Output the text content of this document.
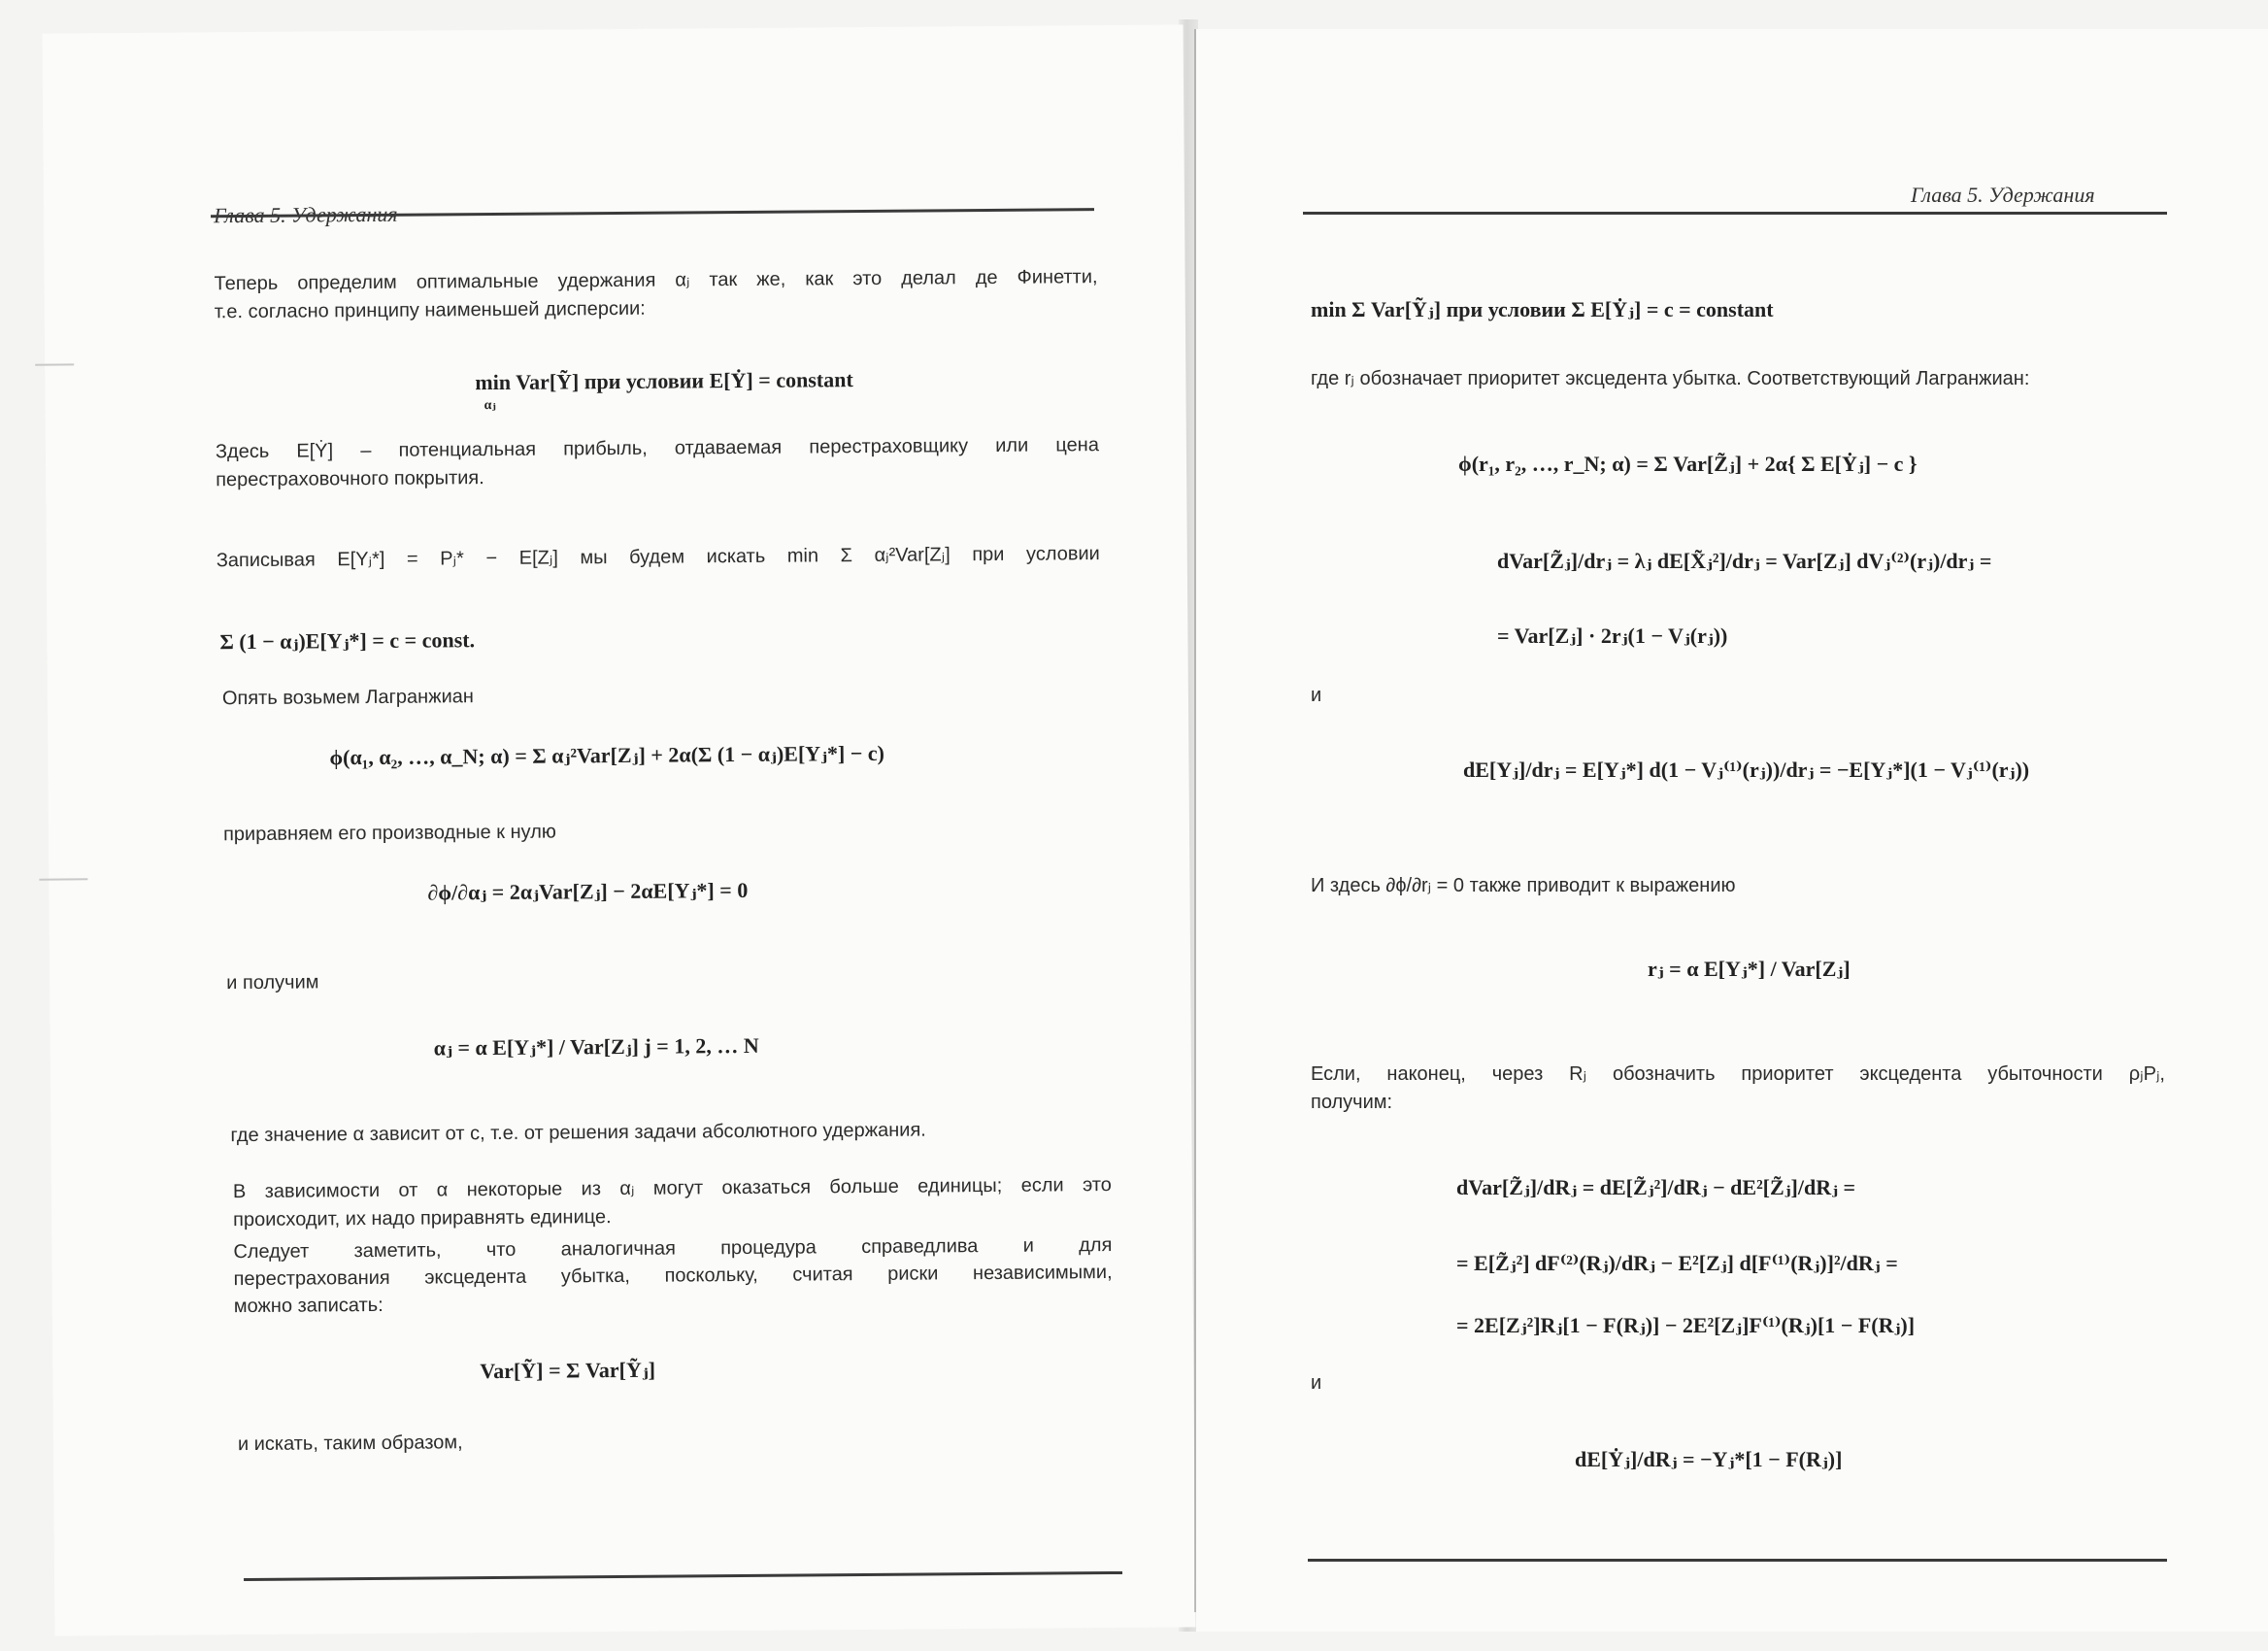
Глава 5. Удержания
Теперь определим оптимальные удержания αⱼ так же, как это делал де Финетти,
т.е. согласно принципу наименьшей дисперсии:
min Var[Ỹ] при условии E[Ẏ] = constant
αⱼ
Здесь E[Ẏ] – потенциальная прибыль, отдаваемая перестраховщику или цена
перестраховочного покрытия.
Записывая E[Yⱼ*] = Pⱼ* − E[Zⱼ] мы будем искать min Σ αⱼ²Var[Zⱼ] при условии
Σ (1 − αⱼ)E[Yⱼ*] = c = const.
Опять возьмем Лагранжиан
ϕ(α₁, α₂, …, α_N; α) = Σ αⱼ²Var[Zⱼ] + 2α(Σ (1 − αⱼ)E[Yⱼ*] − c)
приравняем его производные к нулю
∂ϕ/∂αⱼ = 2αⱼVar[Zⱼ] − 2αE[Yⱼ*] = 0
и получим
αⱼ = α E[Yⱼ*] / Var[Zⱼ] j = 1, 2, … N
где значение α зависит от c, т.е. от решения задачи абсолютного удержания.
В зависимости от α некоторые из αⱼ могут оказаться больше единицы; если это
происходит, их надо приравнять единице.
Следует заметить, что аналогичная процедура справедлива и для
перестрахования эксцедента убытка, поскольку, считая риски независимыми,
можно записать:
Var[Ỹ] = Σ Var[Ỹⱼ]
и искать, таким образом,
Глава 5. Удержания
min Σ Var[Ỹⱼ] при условии Σ E[Ẏⱼ] = c = constant
где rⱼ обозначает приоритет эксцедента убытка. Соответствующий Лагранжиан:
ϕ(r₁, r₂, …, r_N; α) = Σ Var[Z̃ⱼ] + 2α{ Σ E[Ẏⱼ] − c }
dVar[Z̃ⱼ]/drⱼ = λⱼ dE[X̃ⱼ²]/drⱼ = Var[Zⱼ] dVⱼ⁽²⁾(rⱼ)/drⱼ =
= Var[Zⱼ] · 2rⱼ(1 − Vⱼ(rⱼ))
и
dE[Yⱼ]/drⱼ = E[Yⱼ*] d(1 − Vⱼ⁽¹⁾(rⱼ))/drⱼ = −E[Yⱼ*](1 − Vⱼ⁽¹⁾(rⱼ))
И здесь ∂ϕ/∂rⱼ = 0 также приводит к выражению
rⱼ = α E[Yⱼ*] / Var[Zⱼ]
Если, наконец, через Rⱼ обозначить приоритет эксцедента убыточности ρⱼPⱼ,
получим:
dVar[Z̃ⱼ]/dRⱼ = dE[Z̃ⱼ²]/dRⱼ − dE²[Z̃ⱼ]/dRⱼ =
= E[Z̃ⱼ²] dF⁽²⁾(Rⱼ)/dRⱼ − E²[Zⱼ] d[F⁽¹⁾(Rⱼ)]²/dRⱼ =
= 2E[Zⱼ²]Rⱼ[1 − F(Rⱼ)] − 2E²[Zⱼ]F⁽¹⁾(Rⱼ)[1 − F(Rⱼ)]
и
dE[Ẏⱼ]/dRⱼ = −Yⱼ*[1 − F(Rⱼ)]
